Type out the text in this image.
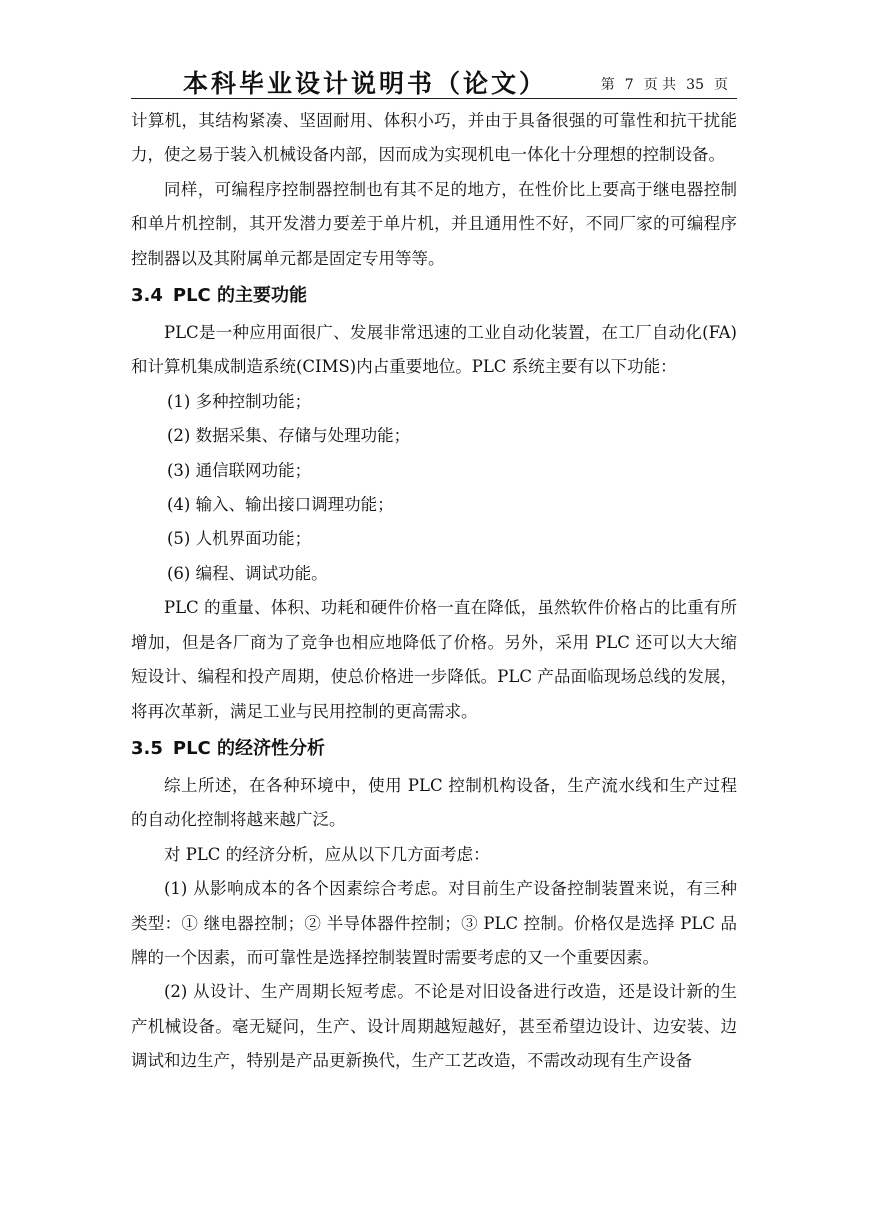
本科毕业设计说明书（论文）	第 7 页 共 35 页

计算机，其结构紧凑、坚固耐用、体积小巧，并由于具备很强的可靠性和抗干扰能力，使之易于装入机械设备内部，因而成为实现机电一体化十分理想的控制设备。

同样，可编程序控制器控制也有其不足的地方，在性价比上要高于继电器控制和单片机控制，其开发潜力要差于单片机，并且通用性不好，不同厂家的可编程序控制器以及其附属单元都是固定专用等等。

3.4 PLC 的主要功能

PLC是一种应用面很广、发展非常迅速的工业自动化装置，在工厂自动化(FA)和计算机集成制造系统(CIMS)内占重要地位。PLC 系统主要有以下功能：

(1) 多种控制功能；

(2) 数据采集、存储与处理功能；

(3) 通信联网功能；

(4) 输入、输出接口调理功能；

(5) 人机界面功能；

(6) 编程、调试功能。

PLC 的重量、体积、功耗和硬件价格一直在降低，虽然软件价格占的比重有所增加，但是各厂商为了竞争也相应地降低了价格。另外，采用 PLC 还可以大大缩短设计、编程和投产周期，使总价格进一步降低。PLC 产品面临现场总线的发展，将再次革新，满足工业与民用控制的更高需求。

3.5 PLC 的经济性分析

综上所述，在各种环境中，使用 PLC 控制机构设备，生产流水线和生产过程的自动化控制将越来越广泛。

对 PLC 的经济分析，应从以下几方面考虑：

(1) 从影响成本的各个因素综合考虑。对目前生产设备控制装置来说，有三种类型：① 继电器控制；② 半导体器件控制；③ PLC 控制。价格仅是选择 PLC 品牌的一个因素，而可靠性是选择控制装置时需要考虑的又一个重要因素。

(2) 从设计、生产周期长短考虑。不论是对旧设备进行改造，还是设计新的生产机械设备。毫无疑问，生产、设计周期越短越好，甚至希望边设计、边安装、边调试和边生产，特别是产品更新换代，生产工艺改造，不需改动现有生产设备
